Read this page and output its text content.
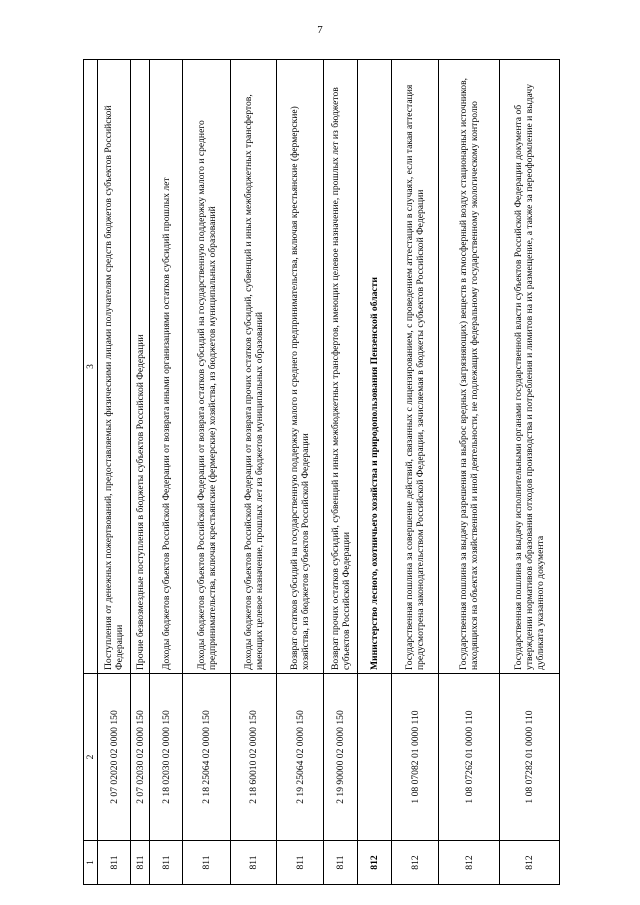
7
1	2	3
811	2 07 02020 02 0000 150	Поступления от денежных пожертвований, предоставляемых физическими лицами получателям средств бюджетов субъектов Российской Федерации
811	2 07 02030 02 0000 150	Прочие безвозмездные поступления в бюджеты субъектов Российской Федерации
811	2 18 02030 02 0000 150	Доходы бюджетов субъектов Российской Федерации от возврата иными организациями остатков субсидий прошлых лет
811	2 18 25064 02 0000 150	Доходы бюджетов субъектов Российской Федерации от возврата остатков субсидий на государственную поддержку малого и среднего предпринимательства, включая крестьянские (фермерские) хозяйства, из бюджетов муниципальных образований
811	2 18 60010 02 0000 150	Доходы бюджетов субъектов Российской Федерации от возврата прочих остатков субсидий, субвенций и иных межбюджетных трансфертов, имеющих целевое назначение, прошлых лет из бюджетов муниципальных образований
811	2 19 25064 02 0000 150	Возврат остатков субсидий на государственную поддержку малого и среднего предпринимательства, включая крестьянские (фермерские) хозяйства, из бюджетов субъектов Российской Федерации
811	2 19 90000 02 0000 150	Возврат прочих остатков субсидий, субвенций и иных межбюджетных трансфертов, имеющих целевое назначение, прошлых лет из бюджетов субъектов Российской Федерации
812		Министерство лесного, охотничьего хозяйства и природопользования Пензенской области
812	1 08 07082 01 0000 110	Государственная пошлина за совершение действий, связанных с лицензированием, с проведением аттестации в случаях, если такая аттестация предусмотрена законодательством Российской Федерации, зачисляемая в бюджеты субъектов Российской Федерации
812	1 08 07262 01 0000 110	Государственная пошлина за выдачу разрешения на выброс вредных (загрязняющих) веществ в атмосферный воздух стационарных источников, находящихся на объектах хозяйственной и иной деятельности, не подлежащих федеральному государственному экологическому контролю
812	1 08 07282 01 0000 110	Государственная пошлина за выдачу исполнительными органами государственной власти субъектов Российской Федерации документа об утверждении нормативов образования отходов производства и потребления и лимитов на их размещение, а также за переоформление и выдачу дубликата указанного документа
